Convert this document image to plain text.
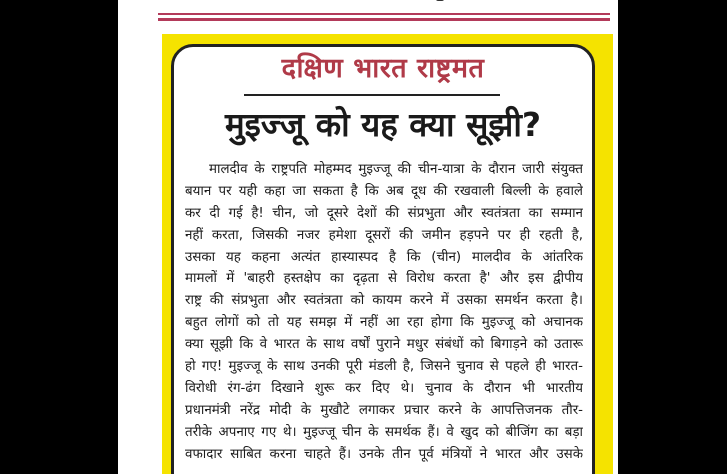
दक्षिण भारत राष्ट्रमत
मुइज्जू को यह क्या सूझी?
मालदीव के राष्ट्रपति मोहम्मद मुइज्जू की चीन-यात्रा के दौरान जारी संयुक्त
बयान पर यही कहा जा सकता है कि अब दूध की रखवाली बिल्ली के हवाले
कर दी गई है! चीन, जो दूसरे देशों की संप्रभुता और स्वतंत्रता का सम्मान
नहीं करता, जिसकी नजर हमेशा दूसरों की जमीन हड़पने पर ही रहती है,
उसका यह कहना अत्यंत हास्यास्पद है कि (चीन) मालदीव के आंतरिक
मामलों में 'बाहरी हस्तक्षेप का दृढ़ता से विरोध करता है' और इस द्वीपीय
राष्ट्र की संप्रभुता और स्वतंत्रता को कायम करने में उसका समर्थन करता है।
बहुत लोगों को तो यह समझ में नहीं आ रहा होगा कि मुइज्जू को अचानक
क्या सूझी कि वे भारत के साथ वर्षों पुराने मधुर संबंधों को बिगाड़ने को उतारू
हो गए! मुइज्जू के साथ उनकी पूरी मंडली है, जिसने चुनाव से पहले ही भारत-
विरोधी रंग-ढंग दिखाने शुरू कर दिए थे। चुनाव के दौरान भी भारतीय
प्रधानमंत्री नरेंद्र मोदी के मुखौटे लगाकर प्रचार करने के आपत्तिजनक तौर-
तरीके अपनाए गए थे। मुइज्जू चीन के समर्थक हैं। वे खुद को बीजिंग का बड़ा
वफादार साबित करना चाहते हैं। उनके तीन पूर्व मंत्रियों ने भारत और उसके
